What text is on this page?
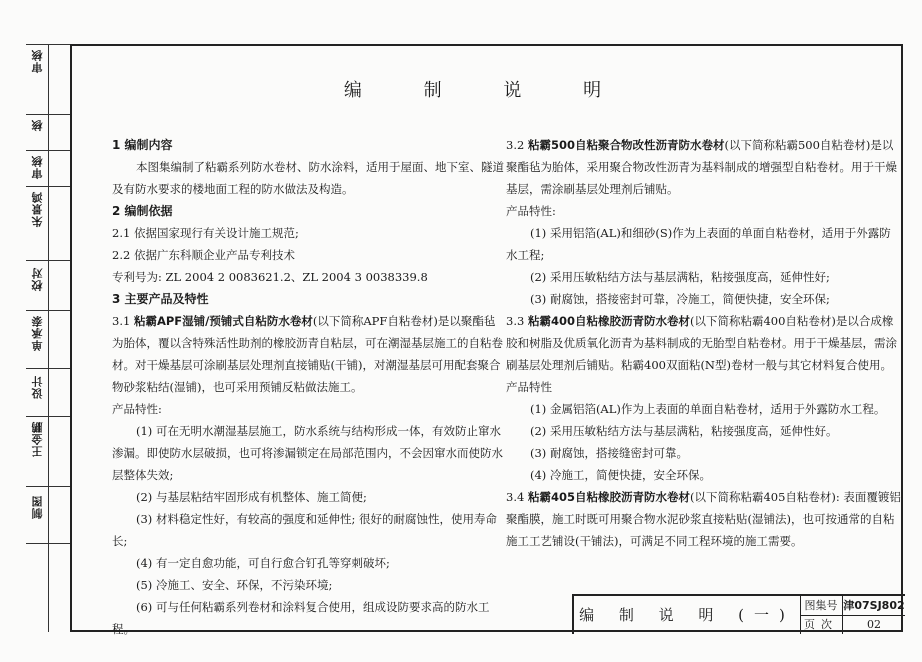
审核
核
审核
朱景鸿
校对
单承泰
设计
王金鹏
制图
编 制 说 明

1 编制内容

本图集编制了粘霸系列防水卷材、防水涂料，适用于屋面、地下室、隧道及有防水要求的楼地面工程的防水做法及构造。

2 编制依据

2.1 依据国家现行有关设计施工规范;

2.2 依据广东科顺企业产品专利技术

专利号为: ZL 2004 2 0083621.2、ZL 2004 3 0038339.8

3 主要产品及特性

3.1 粘霸APF湿铺/预铺式自粘防水卷材(以下简称APF自粘卷材)是以聚酯毡为胎体，覆以含特殊活性助剂的橡胶沥青自粘层，可在潮湿基层施工的自粘卷材。对干燥基层可涂刷基层处理剂直接铺贴(干铺)，对潮湿基层可用配套聚合物砂浆粘结(湿铺)，也可采用预铺反粘做法施工。

产品特性:

(1) 可在无明水潮湿基层施工，防水系统与结构形成一体，有效防止窜水渗漏。即使防水层破损，也可将渗漏锁定在局部范围内，不会因窜水而使防水层整体失效;

(2) 与基层粘结牢固形成有机整体、施工简便;

(3) 材料稳定性好，有较高的强度和延伸性; 很好的耐腐蚀性，使用寿命长;

(4) 有一定自愈功能，可自行愈合钉孔等穿刺破坏;

(5) 冷施工、安全、环保，不污染环境;

(6) 可与任何粘霸系列卷材和涂料复合使用，组成设防要求高的防水工程。

3.2 粘霸500自粘聚合物改性沥青防水卷材(以下简称粘霸500自粘卷材)是以聚酯毡为胎体，采用聚合物改性沥青为基料制成的增强型自粘卷材。用于干燥基层，需涂刷基层处理剂后铺贴。

产品特性:

(1) 采用铝箔(AL)和细砂(S)作为上表面的单面自粘卷材，适用于外露防水工程;

(2) 采用压敏粘结方法与基层满粘，粘接强度高，延伸性好;

(3) 耐腐蚀，搭接密封可靠，冷施工，简便快捷，安全环保;

3.3 粘霸400自粘橡胶沥青防水卷材(以下简称粘霸400自粘卷材)是以合成橡胶和树脂及优质氧化沥青为基料制成的无胎型自粘卷材。用于干燥基层，需涂刷基层处理剂后铺贴。粘霸400双面粘(N型)卷材一般与其它材料复合使用。

产品特性

(1) 金属铝箔(AL)作为上表面的单面自粘卷材，适用于外露防水工程。

(2) 采用压敏粘结方法与基层满粘，粘接强度高，延伸性好。

(3) 耐腐蚀，搭接缝密封可靠。

(4) 冷施工，简便快捷，安全环保。

3.4 粘霸405自粘橡胶沥青防水卷材(以下简称粘霸405自粘卷材): 表面覆镀铝聚酯膜，施工时既可用聚合物水泥砂浆直接粘贴(湿铺法)，也可按通常的自粘施工工艺铺设(干铺法)，可满足不同工程环境的施工需要。

编 制 说 明 (一)
图集号 津07SJ802
页次	02
